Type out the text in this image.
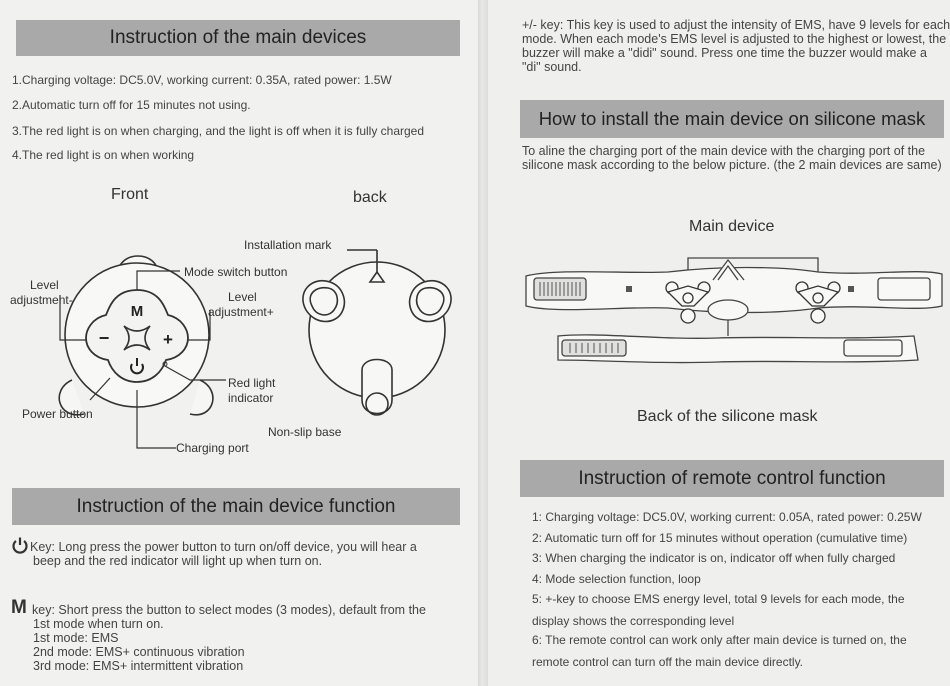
Instruction of the main devices
1.Charging voltage: DC5.0V, working current: 0.35A, rated power: 1.5W
2.Automatic turn off for 15 minutes not using.
3.The red light is on when charging, and the light is off when it is fully charged
4.The red light is on when working
Front	back
M
−	+
Installation mark
Mode switch button
Level
adjustment-	Level
adjustment+
Red light
indicator
Power button
Non-slip base
Charging port
Instruction of the main device function
Key: Long press the power button to turn on/off device, you will hear a
beep and the red indicator will light up when turn on.
M key: Short press the button to select modes (3 modes), default from the
1st mode when turn on.
1st mode: EMS
2nd mode: EMS+ continuous vibration
3rd mode: EMS+ intermittent vibration
+/- key: This key is used to adjust the intensity of EMS, have 9 levels for each
mode. When each mode's EMS level is adjusted to the highest or lowest, the
buzzer will make a "didi" sound. Press one time the buzzer would make a
"di" sound.
How to install the main device on silicone mask
To aline the charging port of the main device with the charging port of the
silicone mask according to the below picture. (the 2 main devices are same)
Main device
Back of the silicone mask
Instruction of remote control function
1: Charging voltage: DC5.0V, working current: 0.05A, rated power: 0.25W
2: Automatic turn off for 15 minutes without operation (cumulative time)
3: When charging the indicator is on, indicator off when fully charged
4: Mode selection function, loop
5: +-key to choose EMS energy level, total 9 levels for each mode, the
display shows the corresponding level
6: The remote control can work only after main device is turned on, the
remote control can turn off the main device directly.
